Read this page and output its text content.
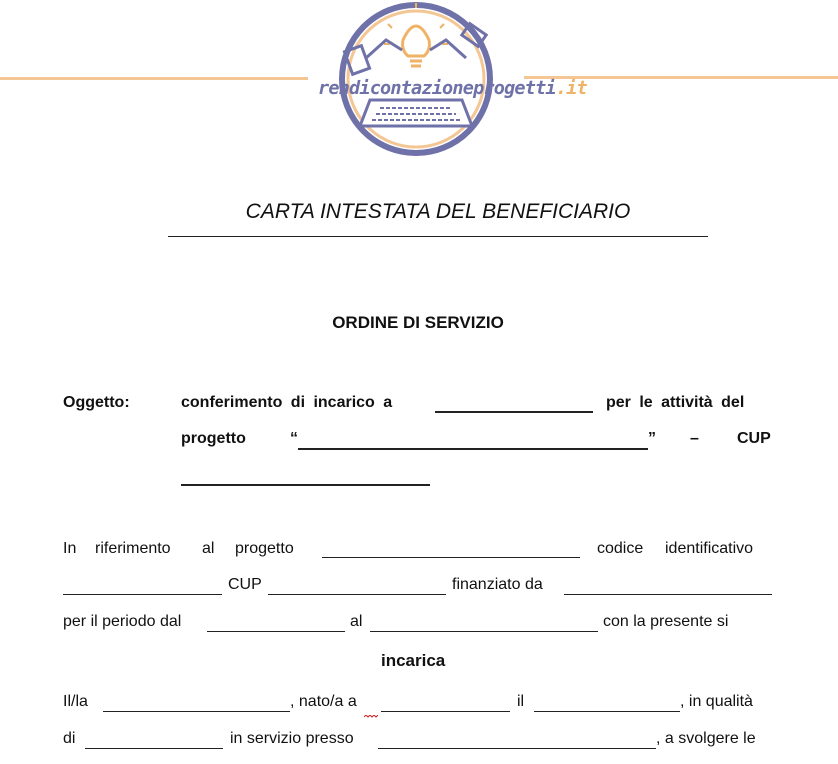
rendicontazioneprogetti.it
CARTA INTESTATA DEL BENEFICIARIO
ORDINE DI SERVIZIO
Oggetto:	conferimento di incarico a	per le attività del
progetto	“	” – CUP
In riferimento al progetto	codice identificativo
CUP	finanziato da
per il periodo dal	al	con la presente si
incarica
Il/la	, nato/a a	il	, in qualità
di	in servizio presso	, a svolgere le
